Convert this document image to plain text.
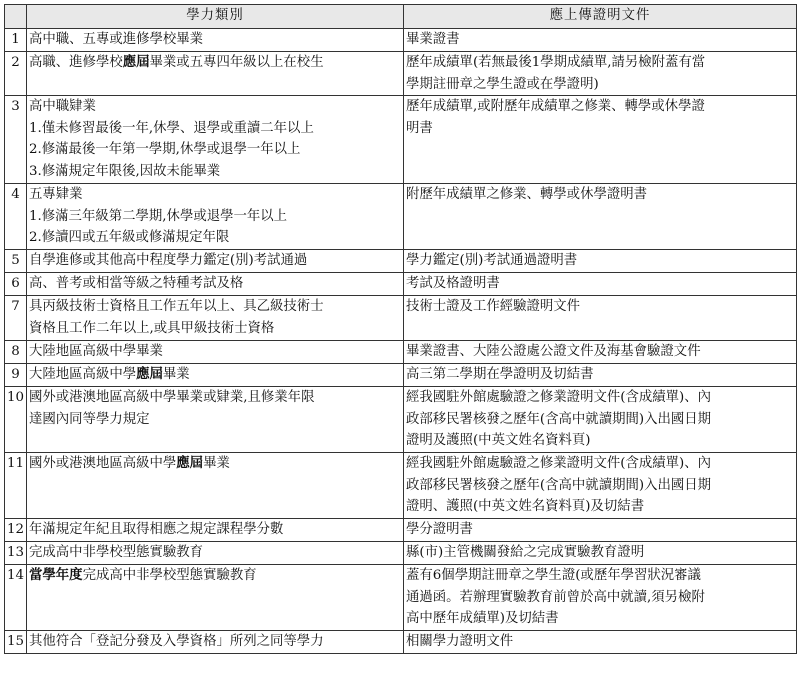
	學力類別	應上傳證明文件
1	高中職、五專或進修學校畢業	畢業證書

2	高職、進修學校應屆畢業或五專四年級以上在校生	歷年成績單(若無最後1學期成績單,請另檢附蓋有當
學期註冊章之學生證或在學證明)

3	高中職肄業
1.僅未修習最後一年,休學、退學或重讀二年以上
2.修滿最後一年第一學期,休學或退學一年以上
3.修滿規定年限後,因故未能畢業	歷年成績單,或附歷年成績單之修業、轉學或休學證
明書

4	五專肄業
1.修滿三年級第二學期,休學或退學一年以上
2.修讀四或五年級或修滿規定年限	附歷年成績單之修業、轉學或休學證明書

5	自學進修或其他高中程度學力鑑定(別)考試通過	學力鑑定(別)考試通過證明書

6	高、普考或相當等級之特種考試及格	考試及格證明書

7	具丙級技術士資格且工作五年以上、具乙級技術士
資格且工作二年以上,或具甲級技術士資格	技術士證及工作經驗證明文件

8	大陸地區高級中學畢業	畢業證書、大陸公證處公證文件及海基會驗證文件

9	大陸地區高級中學應屆畢業	高三第二學期在學證明及切結書

10	國外或港澳地區高級中學畢業或肄業,且修業年限
達國內同等學力規定	經我國駐外館處驗證之修業證明文件(含成績單)、內
政部移民署核發之歷年(含高中就讀期間)入出國日期
證明及護照(中英文姓名資料頁)

11	國外或港澳地區高級中學應屆畢業	經我國駐外館處驗證之修業證明文件(含成績單)、內
政部移民署核發之歷年(含高中就讀期間)入出國日期
證明、護照(中英文姓名資料頁)及切結書

12	年滿規定年紀且取得相應之規定課程學分數	學分證明書

13	完成高中非學校型態實驗教育	縣(市)主管機關發給之完成實驗教育證明

14	當學年度完成高中非學校型態實驗教育	蓋有6個學期註冊章之學生證(或歷年學習狀況審議
通過函。若辦理實驗教育前曾於高中就讀,須另檢附
高中歷年成績單)及切結書

15	其他符合「登記分發及入學資格」所列之同等學力	相關學力證明文件
